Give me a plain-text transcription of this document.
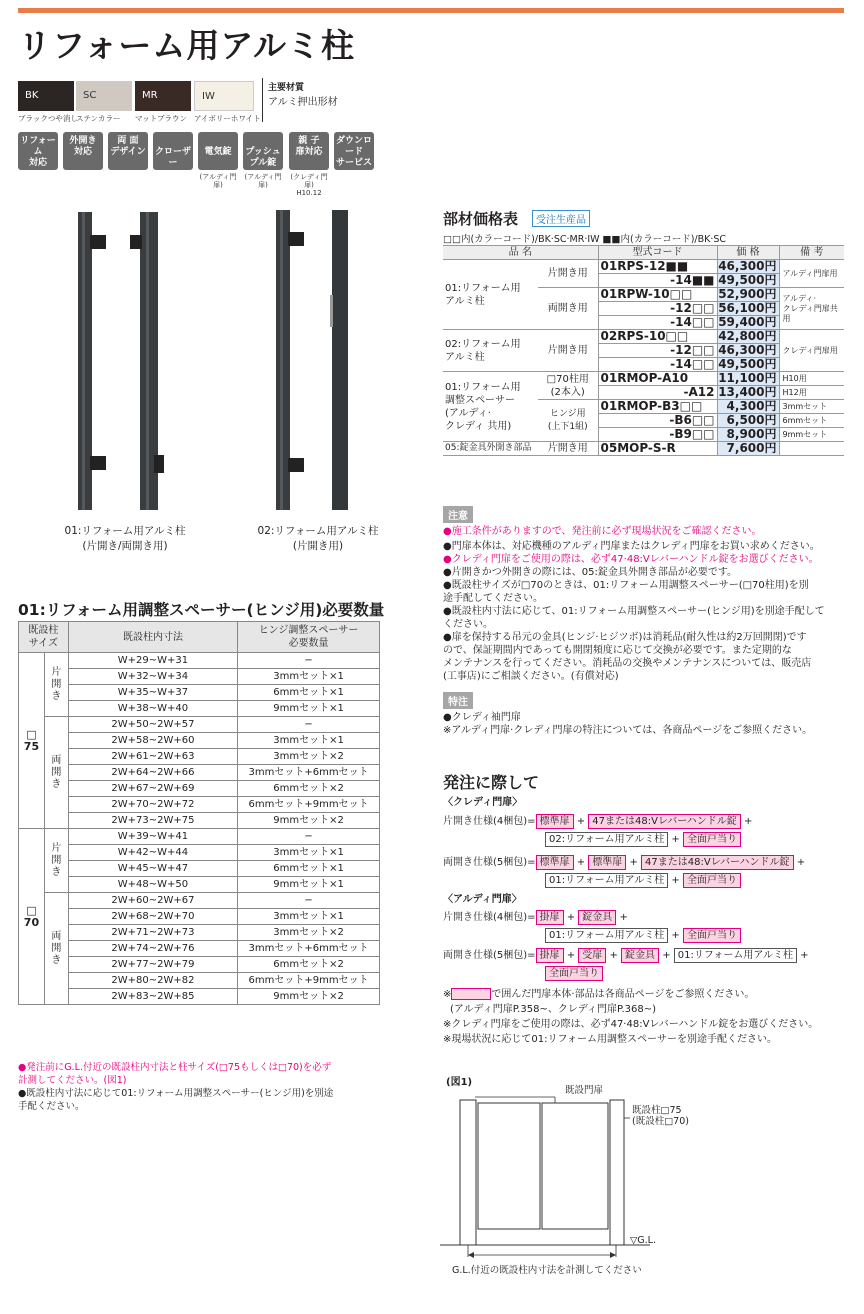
リフォーム用アルミ柱
BK
ブラックつや消し
SC
ステンカラー
MR
マットブラウン
IW
アイボリーホワイト
主要材質
アルミ押出形材
リフォーム
対応
外開き
対応
両 面
デザイン
クローザー

電気錠
(アルディ門扉)

プッシュプル錠
(アルディ門扉)
親 子
扉対応
(クレディ門扉)
H10.12
ダウンロード
サービス
01:リフォーム用アルミ柱
(片開き/両開き用)
02:リフォーム用アルミ柱
(片開き用)
01:リフォーム用調整スペーサー(ヒンジ用)必要数量
既設柱
サイズ		既設柱内寸法	ヒンジ調整スペーサー
必要数量
□
75	片
開
き	W+29~W+31	−
		W+32~W+34	3mmセット×1
		W+35~W+37	6mmセット×1
		W+38~W+40	9mmセット×1
	両
開
き	2W+50~2W+57	−
		2W+58~2W+60	3mmセット×1
		2W+61~2W+63	3mmセット×2
		2W+64~2W+66	3mmセット+6mmセット
		2W+67~2W+69	6mmセット×2
		2W+70~2W+72	6mmセット+9mmセット
		2W+73~2W+75	9mmセット×2
□
70	片
開
き	W+39~W+41	−
		W+42~W+44	3mmセット×1
		W+45~W+47	6mmセット×1
		W+48~W+50	9mmセット×1
	両
開
き	2W+60~2W+67	−
		2W+68~2W+70	3mmセット×1
		2W+71~2W+73	3mmセット×2
		2W+74~2W+76	3mmセット+6mmセット
		2W+77~2W+79	6mmセット×2
		2W+80~2W+82	6mmセット+9mmセット
		2W+83~2W+85	9mmセット×2
●発注前にG.L.付近の既設柱内寸法と柱サイズ(□75もしくは□70)を必ず
計測してください。(図1)
●既設柱内寸法に応じて01:リフォーム用調整スペーサー(ヒンジ用)を別途
手配ください。
部材価格表	受注生産品
□□内(カラーコード)/BK·SC·MR·IW ■■内(カラーコード)/BK·SC
品 名		型式コード	価 格	備 考
01:リフォーム用
アルミ柱	片開き用	01RPS-12■■	46,300円	アルディ門扉用
		-14■■	49,500円	
	両開き用	01RPW-10□□	52,900円	アルディ·
クレディ門扉共用
		-12□□	56,100円	
		-14□□	59,400円	
02:リフォーム用
アルミ柱	片開き用	02RPS-10□□	42,800円	クレディ門扉用
		-12□□	46,300円	
		-14□□	49,500円	
01:リフォーム用
調整スペーサー
(アルディ·
クレディ 共用)	□70柱用
(2本入)	01RMOP-A10	11,100円	H10用
		-A12	13,400円	H12用
	ヒンジ用
(上下1組)	01RMOP-B3□□	4,300円	3mmセット
		-B6□□	6,500円	6mmセット
		-B9□□	8,900円	9mmセット
05:錠金具外開き部品	片開き用	05MOP-S-R	7,600円	
注意
●施工条件がありますので、発注前に必ず現場状況をご確認ください。
●門扉本体は、対応機種のアルディ門扉またはクレディ門扉をお買い求めください。
●クレディ門扉をご使用の際は、必ず47·48:Vレバーハンドル錠をお選びください。
●片開きかつ外開きの際には、05:錠金具外開き部品が必要です。
●既設柱サイズが□70のときは、01:リフォーム用調整スペーサー(□70柱用)を別
途手配してください。
●既設柱内寸法に応じて、01:リフォーム用調整スペーサー(ヒンジ用)を別途手配して
ください。
●扉を保持する吊元の金具(ヒンジ·ヒジツボ)は消耗品(耐久性は約2万回開閉)です
ので、保証期間内であっても開閉頻度に応じて交換が必要です。また定期的な
メンテナンスを行ってください。消耗品の交換やメンテナンスについては、販売店
(工事店)にご相談ください。(有償対応)
特注
●クレディ袖門扉
※アルディ門扉·クレディ門扉の特注については、各商品ページをご参照ください。
発注に際して
〈クレディ門扉〉
片開き仕様(4梱包)= 標準扉 + 47または48:Vレバーハンドル錠 +
02:リフォーム用アルミ柱 + 全面戸当り
両開き仕様(5梱包)= 標準扉 + 標準扉 + 47または48:Vレバーハンドル錠 +
01:リフォーム用アルミ柱 + 全面戸当り
〈アルディ門扉〉
片開き仕様(4梱包)= 掛扉 + 錠金具 +
01:リフォーム用アルミ柱 + 全面戸当り
両開き仕様(5梱包)= 掛扉 + 受扉 + 錠金具 + 01:リフォーム用アルミ柱 +
全面戸当り
※	で囲んだ門扉本体·部品は各商品ページをご参照ください。
(アルディ門扉P.358~、クレディ門扉P.368~)
※クレディ門扉をご使用の際は、必ず47·48:Vレバーハンドル錠をお選びください。
※現場状況に応じて01:リフォーム用調整スペーサーを別途手配ください。
(図1)
既設門扉
既設柱□75
(既設柱□70)
▽G.L.
G.L.付近の既設柱内寸法を計測してください
